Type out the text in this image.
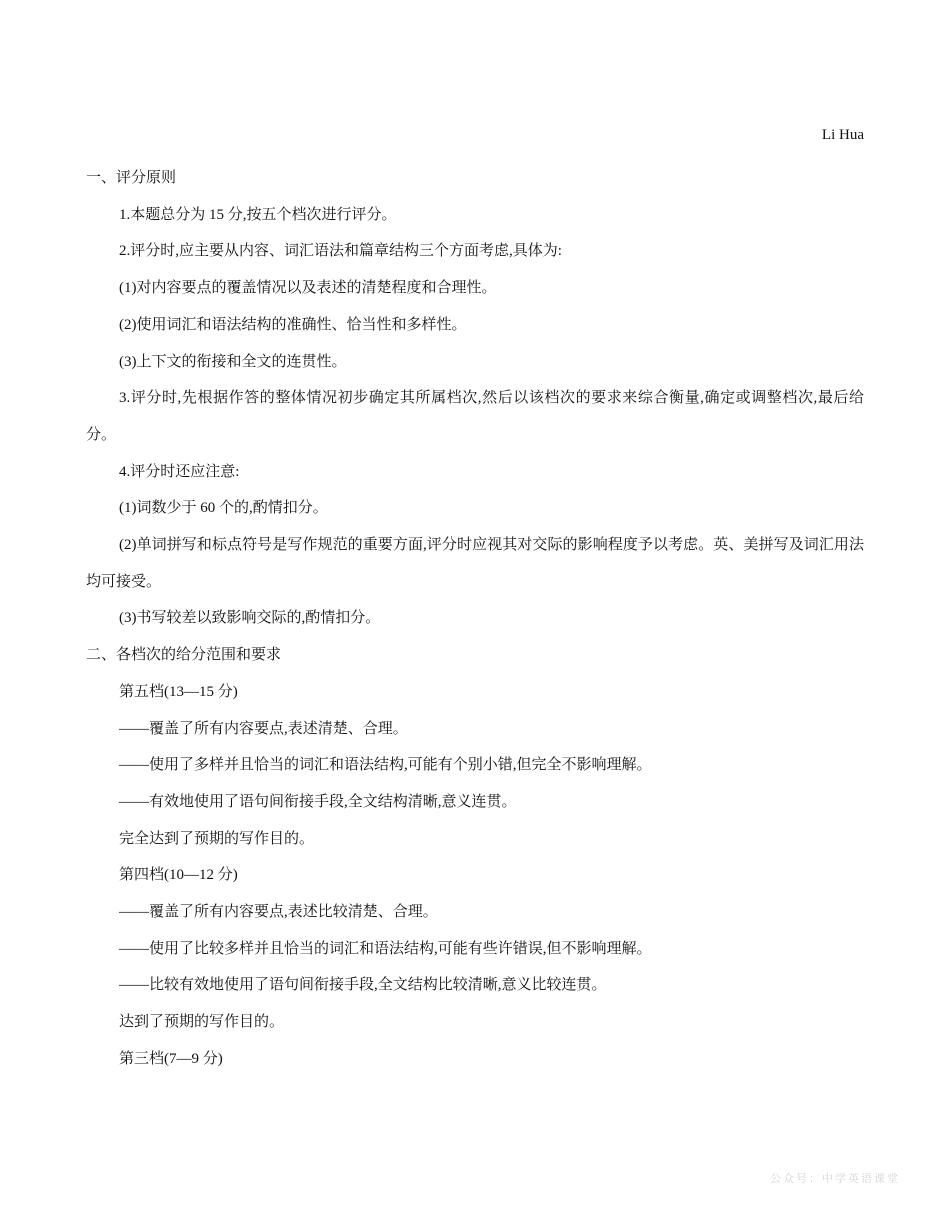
Li Hua

一、评分原则

1.本题总分为 15 分,按五个档次进行评分。

2.评分时,应主要从内容、词汇语法和篇章结构三个方面考虑,具体为:

(1)对内容要点的覆盖情况以及表述的清楚程度和合理性。

(2)使用词汇和语法结构的准确性、恰当性和多样性。

(3)上下文的衔接和全文的连贯性。

3.评分时,先根据作答的整体情况初步确定其所属档次,然后以该档次的要求来综合衡量,确定或调整档次,最后给分。

4.评分时还应注意:

(1)词数少于 60 个的,酌情扣分。

(2)单词拼写和标点符号是写作规范的重要方面,评分时应视其对交际的影响程度予以考虑。英、美拼写及词汇用法均可接受。

(3)书写较差以致影响交际的,酌情扣分。

二、各档次的给分范围和要求

第五档(13—15 分)

——覆盖了所有内容要点,表述清楚、合理。

——使用了多样并且恰当的词汇和语法结构,可能有个别小错,但完全不影响理解。

——有效地使用了语句间衔接手段,全文结构清晰,意义连贯。

完全达到了预期的写作目的。

第四档(10—12 分)

——覆盖了所有内容要点,表述比较清楚、合理。

——使用了比较多样并且恰当的词汇和语法结构,可能有些许错误,但不影响理解。

——比较有效地使用了语句间衔接手段,全文结构比较清晰,意义比较连贯。

达到了预期的写作目的。

第三档(7—9 分)

公众号：中学英语课堂
